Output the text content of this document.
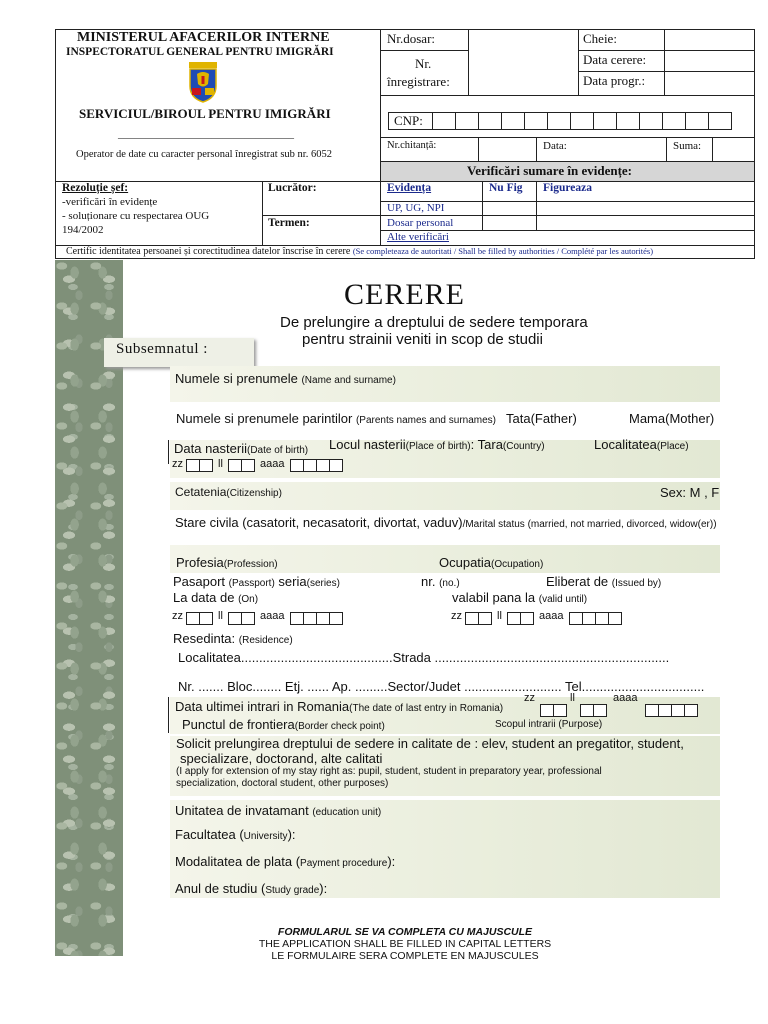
MINISTERUL AFACERILOR INTERNE
INSPECTORATUL GENERAL PENTRU IMIGRĂRI
SERVICIUL/BIROUL PENTRU IMIGRĂRI
________________________________
Operator de date cu caracter personal înregistrat sub nr. 6052
Nr.dosar:
Nr.
înregistrare:
Cheie:
Data cerere:
Data progr.:
CNP:
Nr.chitanță:	Data:	Suma:
Verificări sumare în evidențe:
Rezoluție șef:
-verificări în evidențe
- soluționare cu respectarea OUG
194/2002
Lucrător:
Termen:
Evidența	Nu Fig Figureaza
UP, UG, NPI
Dosar personal
Alte verificări
Certific identitatea persoanei și corectitudinea datelor înscrise în cerere (Se completeaza de autoritati / Shall be filled by authorities / Complété par les autorités)
CERERE
De prelungire a dreptului de sedere temporara
pentru strainii veniti in scop de studii
Subsemnatul :
Numele si prenumele (Name and surname)
Numele si prenumele parintilor (Parents names and surnames) Tata(Father)	Mama(Mother)
Data nasterii(Date of birth) Locul nasterii(Place of birth): Tara(Country)	Localitatea(Place)
zz	ll	aaaa
Cetatenia(Citizenship)	Sex: M , F
Stare civila (casatorit, necasatorit, divortat, vaduv)/Marital status (married, not married, divorced, widow(er))
Profesia(Profession)	Ocupatia(Ocupation)
Pasaport (Passport) seria(series)	nr. (no.)	Eliberat de (Issued by)
La data de (On)	valabil pana la (valid until)
zz	ll	aaaa	zz	ll	aaaa
Resedinta: (Residence)
Localitatea..........................................Strada .................................................................
Nr. ....... Bloc........ Etj. ...... Ap. .........Sector/Judet ........................... Tel..................................
Data ultimei intrari in Romania(The date of last entry in Romania)
zz	ll	aaaa
Punctul de frontiera(Border check point)	Scopul intrarii (Purpose)
Solicit prelungirea dreptului de sedere in calitate de : elev, student an pregatitor, student,
specializare, doctorand, alte calitati
(I apply for extension of my stay right as: pupil, student, student in preparatory year, professional
specialization, doctoral student, other purposes)
Unitatea de invatamant (education unit)
Facultatea (University):
Modalitatea de plata (Payment procedure):
Anul de studiu (Study grade):
FORMULARUL SE VA COMPLETA CU MAJUSCULE
THE APPLICATION SHALL BE FILLED IN CAPITAL LETTERS
LE FORMULAIRE SERA COMPLETE EN MAJUSCULES
